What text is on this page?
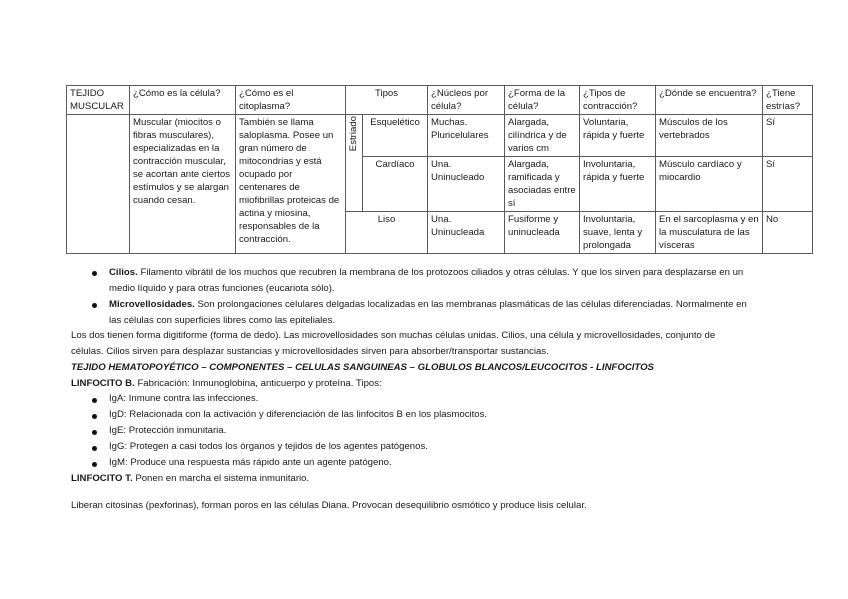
TEJIDO
MUSCULAR	¿Cómo es la célula?	¿Cómo es el citoplasma?	Tipos		¿Núcleos por célula?	¿Forma de la célula?	¿Tipos de contracción?	¿Dónde se encuentra?	¿Tiene estrías?
	Muscular (miocitos o fibras musculares), especializadas en la contracción muscular, se acortan ante ciertos estímulos y se alargan cuando cesan.	También se llama saloplasma. Posee un gran número de mitocondrias y está ocupado por centenares de miofibrillas proteicas de actina y miosina, responsables de la contracción.	Estriado	Esquelético	Muchas. Pluricelulares	Alargada, cilíndrica y de varios cm	Voluntaria, rápida y fuerte	Músculos de los vertebrados	Sí
				Cardíaco	Una. Uninucleado	Alargada, ramificada y asociadas entre sí	Involuntaria, rápida y fuerte	Músculo cardíaco y miocardio	Sí
			Liso		Una. Uninucleada	Fusiforme y uninucleada	Involuntaria, suave, lenta y prolongada	En el sarcoplasma y en la musculatura de las vísceras	No
Cilios. Filamento vibrátil de los muchos que recubren la membrana de los protozoos ciliados y otras células. Y que los sirven para desplazarse en un
medio líquido y para otras funciones (eucariota sólo).
Microvellosidades. Son prolongaciones celulares delgadas localizadas en las membranas plasmáticas de las células diferenciadas. Normalmente en
las células con superficies libres como las epiteliales.
Los dos tienen forma digitiforme (forma de dedo). Las microvellosidades son muchas células unidas. Cilios, una célula y microvellosidades, conjunto de
células. Cilios sirven para desplazar sustancias y microvellosidades sirven para absorber/transportar sustancias.
TEJIDO HEMATOPOYÉTICO – COMPONENTES – CELULAS SANGUINEAS – GLOBULOS BLANCOS/LEUCOCITOS - LINFOCITOS
LINFOCITO B. Fabricación: Inmunoglobina, anticuerpo y proteína. Tipos:
IgA: Inmune contra las infecciones.
IgD: Relacionada con la activación y diferenciación de las linfocitos B en los plasmocitos.
IgE: Protección inmunitaria.
IgG: Protegen a casi todos los órganos y tejidos de los agentes patógenos.
IgM: Produce una respuesta más rápido ante un agente patógeno.
LINFOCITO T. Ponen en marcha el sistema inmunitario.
Liberan citosinas (pexforinas), forman poros en las células Diana. Provocan desequilibrio osmótico y produce lisis celular.
